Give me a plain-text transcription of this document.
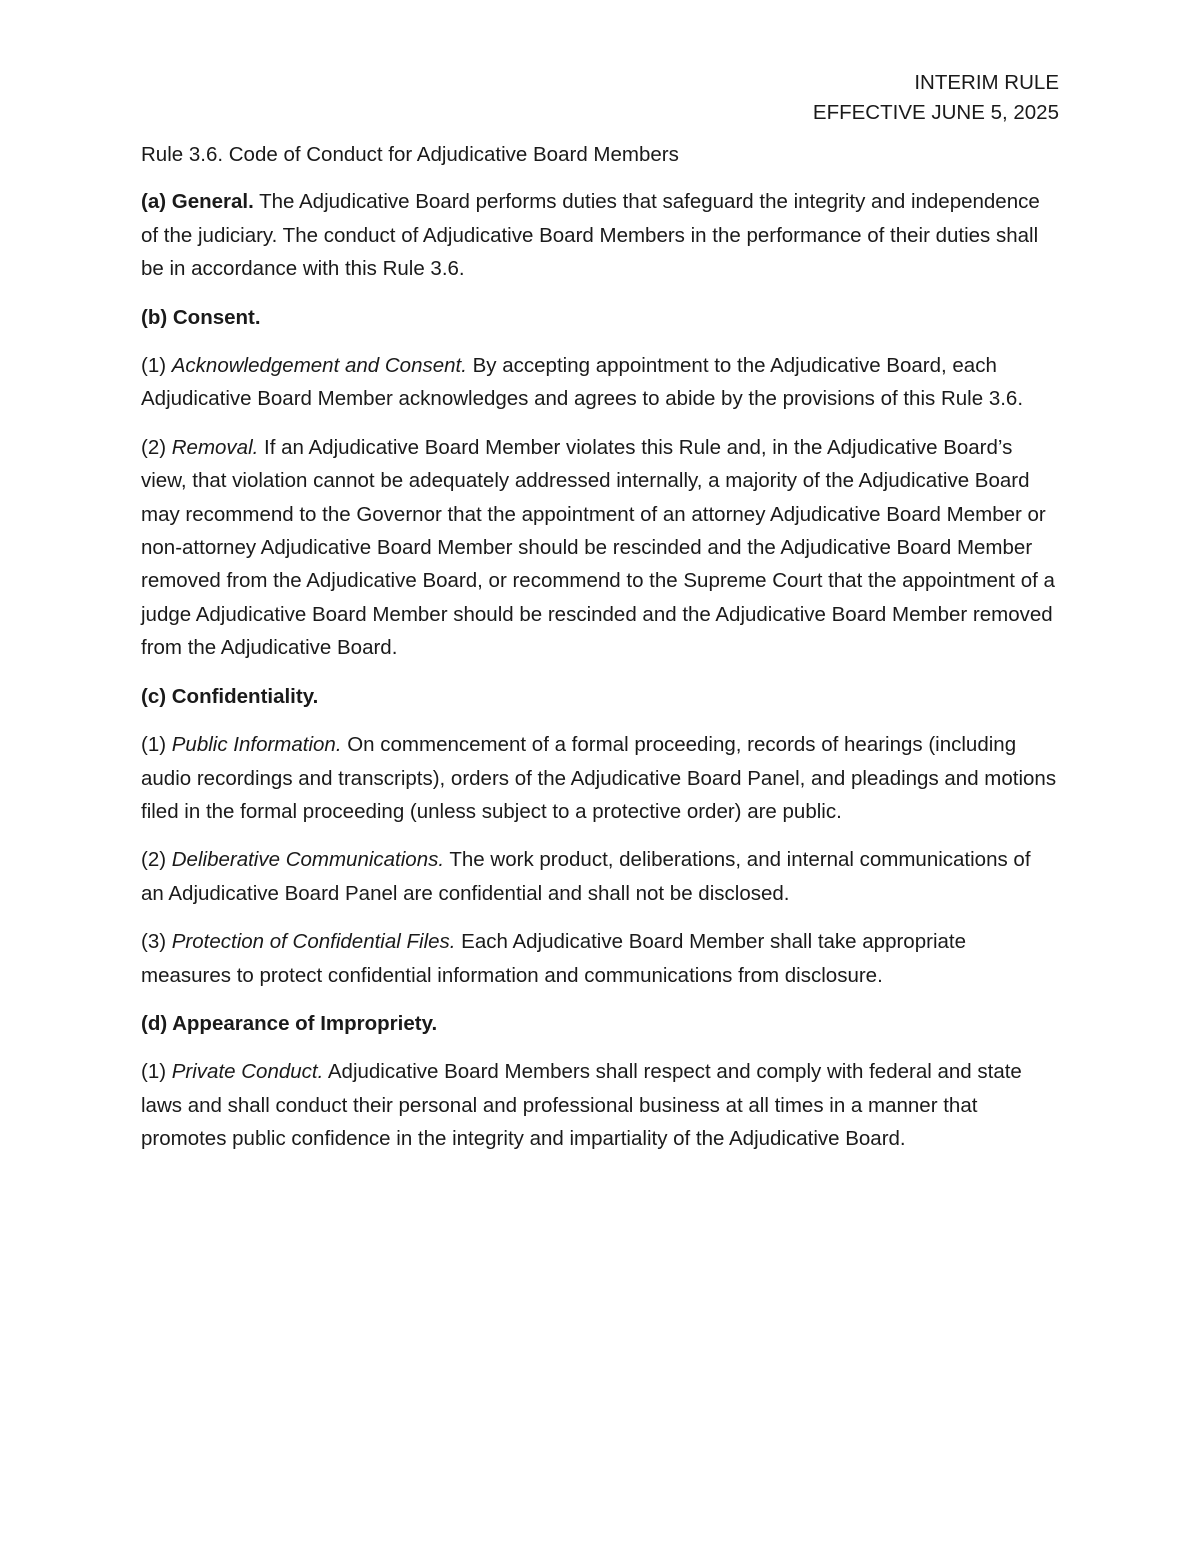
INTERIM RULE
EFFECTIVE JUNE 5, 2025

Rule 3.6. Code of Conduct for Adjudicative Board Members

(a) General. The Adjudicative Board performs duties that safeguard the integrity and independence of the judiciary. The conduct of Adjudicative Board Members in the performance of their duties shall be in accordance with this Rule 3.6.

(b) Consent.

(1) Acknowledgement and Consent. By accepting appointment to the Adjudicative Board, each Adjudicative Board Member acknowledges and agrees to abide by the provisions of this Rule 3.6.

(2) Removal. If an Adjudicative Board Member violates this Rule and, in the Adjudicative Board’s view, that violation cannot be adequately addressed internally, a majority of the Adjudicative Board may recommend to the Governor that the appointment of an attorney Adjudicative Board Member or non-attorney Adjudicative Board Member should be rescinded and the Adjudicative Board Member removed from the Adjudicative Board, or recommend to the Supreme Court that the appointment of a judge Adjudicative Board Member should be rescinded and the Adjudicative Board Member removed from the Adjudicative Board.

(c) Confidentiality.

(1) Public Information. On commencement of a formal proceeding, records of hearings (including audio recordings and transcripts), orders of the Adjudicative Board Panel, and pleadings and motions filed in the formal proceeding (unless subject to a protective order) are public.

(2) Deliberative Communications. The work product, deliberations, and internal communications of an Adjudicative Board Panel are confidential and shall not be disclosed.

(3) Protection of Confidential Files. Each Adjudicative Board Member shall take appropriate measures to protect confidential information and communications from disclosure.

(d) Appearance of Impropriety.

(1) Private Conduct. Adjudicative Board Members shall respect and comply with federal and state laws and shall conduct their personal and professional business at all times in a manner that promotes public confidence in the integrity and impartiality of the Adjudicative Board.
